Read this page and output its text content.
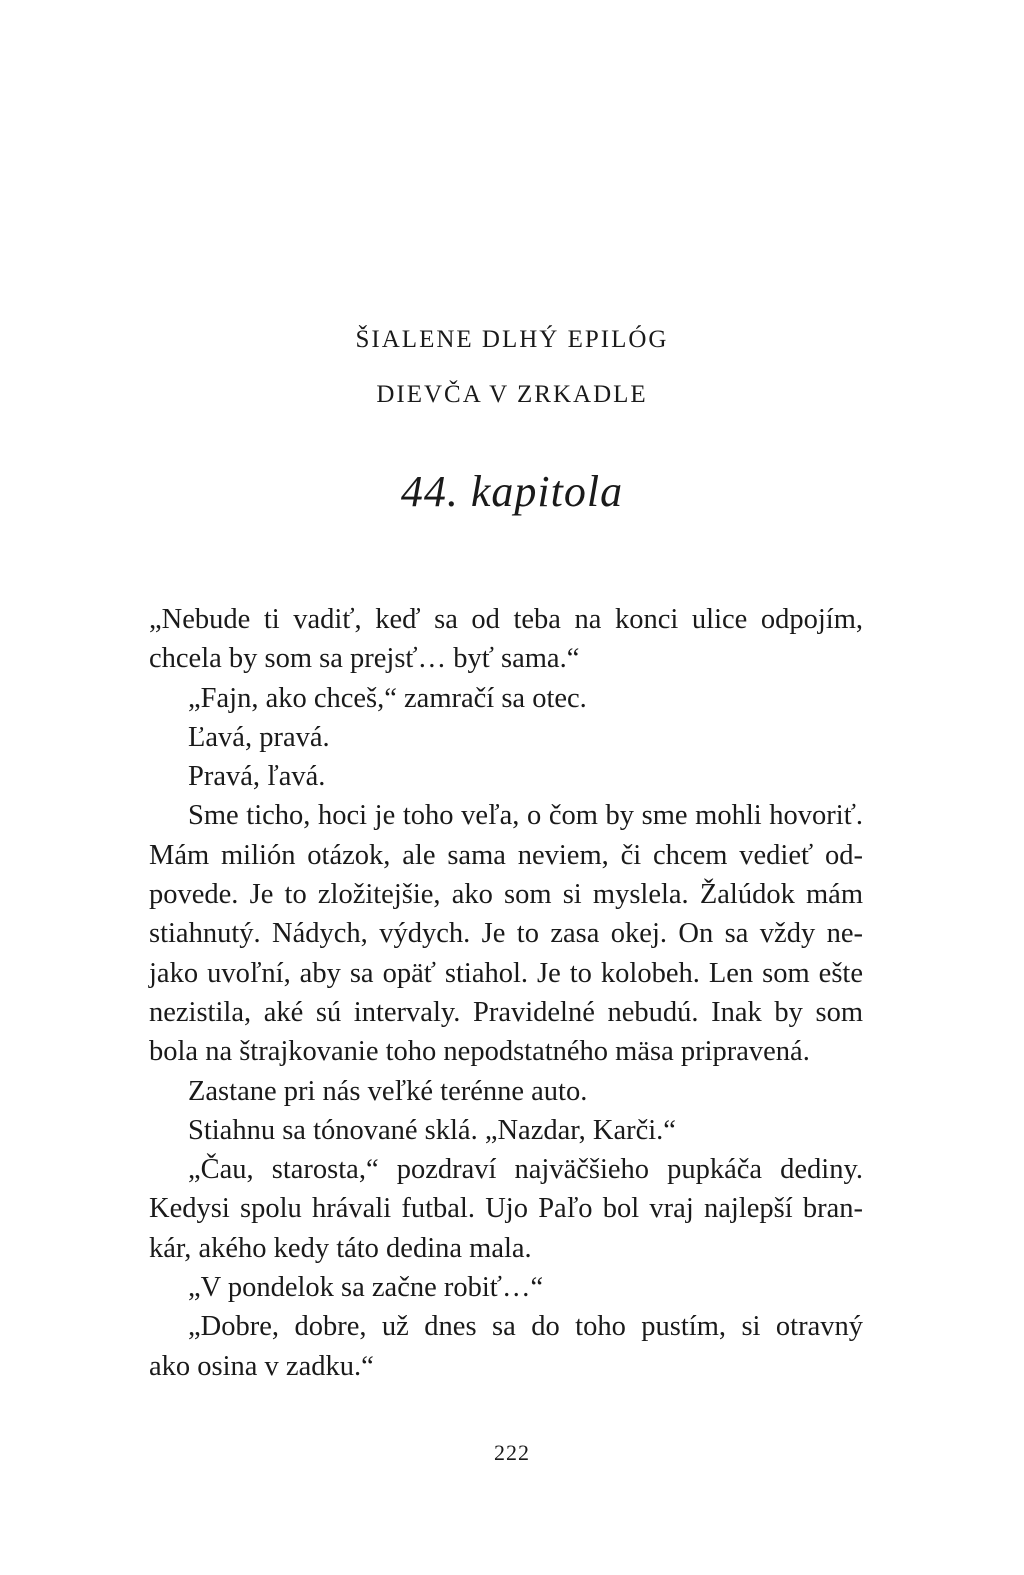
ŠIALENE DLHÝ EPILÓG
DIEVČA V ZRKADLE
44. kapitola
„Nebude ti vadiť, keď sa od teba na konci ulice odpojím,
chcela by som sa prejsť… byť sama.“
„Fajn, ako chceš,“ zamračí sa otec.
Ľavá, pravá.
Pravá, ľavá.
Sme ticho, hoci je toho veľa, o čom by sme mohli hovoriť.
Mám milión otázok, ale sama neviem, či chcem vedieť od-
povede. Je to zložitejšie, ako som si myslela. Žalúdok mám
stiahnutý. Nádych, výdych. Je to zasa okej. On sa vždy ne-
jako uvoľní, aby sa opäť stiahol. Je to kolobeh. Len som ešte
nezistila, aké sú intervaly. Pravidelné nebudú. Inak by som
bola na štrajkovanie toho nepodstatného mäsa pripravená.
Zastane pri nás veľké terénne auto.
Stiahnu sa tónované sklá. „Nazdar, Karči.“
„Čau, starosta,“ pozdraví najväčšieho pupkáča dediny.
Kedysi spolu hrávali futbal. Ujo Paľo bol vraj najlepší bran-
kár, akého kedy táto dedina mala.
„V pondelok sa začne robiť…“
„Dobre, dobre, už dnes sa do toho pustím, si otravný
ako osina v zadku.“
222
